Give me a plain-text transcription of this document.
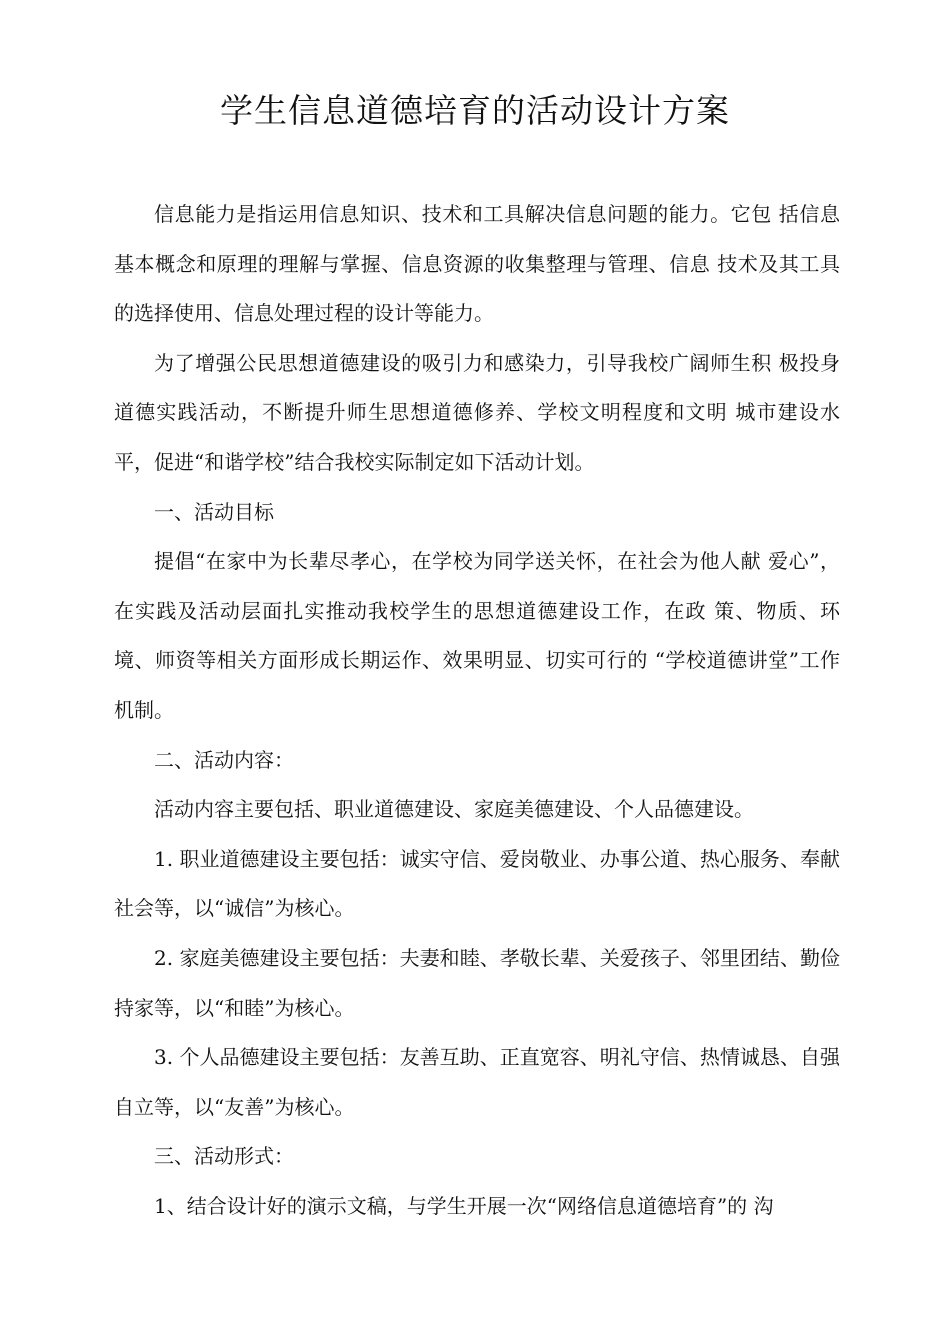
学生信息道德培育的活动设计方案

信息能力是指运用信息知识、技术和工具解决信息问题的能力。它包 括信息基本概念和原理的理解与掌握、信息资源的收集整理与管理、信息 技术及其工具的选择使用、信息处理过程的设计等能力。

为了增强公民思想道德建设的吸引力和感染力，引导我校广阔师生积 极投身道德实践活动，不断提升师生思想道德修养、学校文明程度和文明 城市建设水平，促进“和谐学校”结合我校实际制定如下活动计划。

一、活动目标

提倡“在家中为长辈尽孝心，在学校为同学送关怀，在社会为他人献 爱心”，在实践及活动层面扎实推动我校学生的思想道德建设工作，在政 策、物质、环境、师资等相关方面形成长期运作、效果明显、切实可行的 “学校道德讲堂”工作机制。

二、活动内容：

活动内容主要包括、职业道德建设、家庭美德建设、个人品德建设。

1. 职业道德建设主要包括：诚实守信、爱岗敬业、办事公道、热心服务、奉献社会等，以“诚信”为核心。

2. 家庭美德建设主要包括：夫妻和睦、孝敬长辈、关爱孩子、邻里团结、勤俭持家等，以“和睦”为核心。

3. 个人品德建设主要包括：友善互助、正直宽容、明礼守信、热情诚恳、自强自立等，以“友善”为核心。

三、活动形式：

1、结合设计好的演示文稿，与学生开展一次“网络信息道德培育”的 沟
